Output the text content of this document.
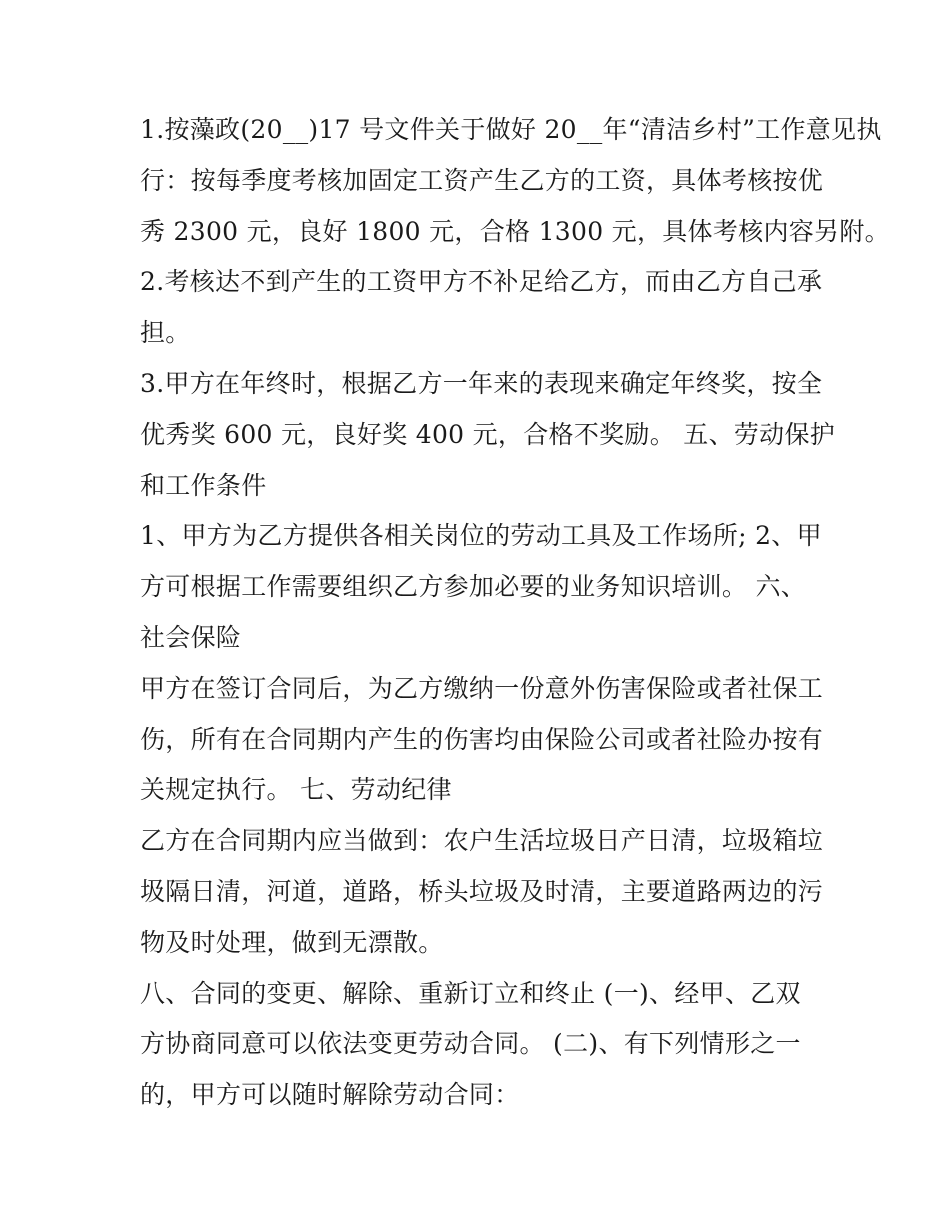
1.按藻政(20__)17 号文件关于做好 20__年“清洁乡村”工作意见执
行：按每季度考核加固定工资产生乙方的工资，具体考核按优
秀 2300 元，良好 1800 元，合格 1300 元，具体考核内容另附。
2.考核达不到产生的工资甲方不补足给乙方，而由乙方自己承
担。
3.甲方在年终时，根据乙方一年来的表现来确定年终奖，按全
优秀奖 600 元，良好奖 400 元，合格不奖励。 五、劳动保护
和工作条件
1、甲方为乙方提供各相关岗位的劳动工具及工作场所; 2、甲
方可根据工作需要组织乙方参加必要的业务知识培训。 六、
社会保险
甲方在签订合同后，为乙方缴纳一份意外伤害保险或者社保工
伤，所有在合同期内产生的伤害均由保险公司或者社险办按有
关规定执行。 七、劳动纪律
乙方在合同期内应当做到：农户生活垃圾日产日清，垃圾箱垃
圾隔日清，河道，道路，桥头垃圾及时清，主要道路两边的污
物及时处理，做到无漂散。
八、合同的变更、解除、重新订立和终止 (一)、经甲、乙双
方协商同意可以依法变更劳动合同。 (二)、有下列情形之一
的，甲方可以随时解除劳动合同：
